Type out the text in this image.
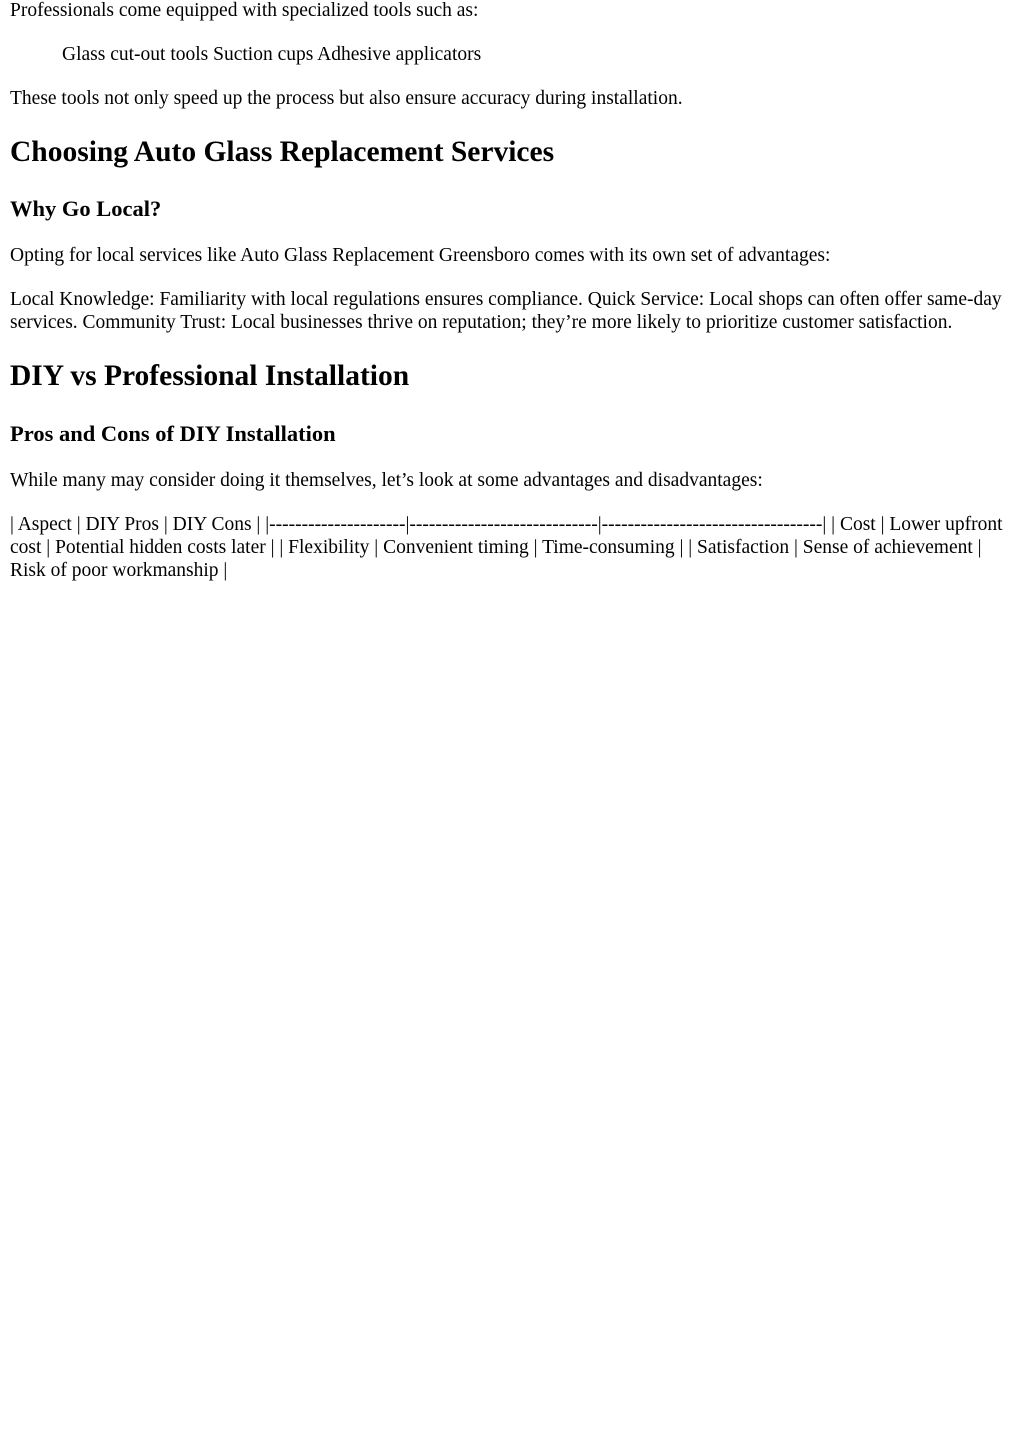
Professionals come equipped with specialized tools such as:

Glass cut-out tools Suction cups Adhesive applicators

These tools not only speed up the process but also ensure accuracy during installation.

Choosing Auto Glass Replacement Services
Why Go Local?

Opting for local services like Auto Glass Replacement Greensboro comes with its own set of advantages:

Local Knowledge: Familiarity with local regulations ensures compliance. Quick Service: Local shops can often offer same-day services. Community Trust: Local businesses thrive on reputation; they’re more likely to prioritize customer satisfaction.

DIY vs Professional Installation
Pros and Cons of DIY Installation

While many may consider doing it themselves, let’s look at some advantages and disadvantages:

| Aspect | DIY Pros | DIY Cons | |---------------------|-----------------------------|----------------------------------| | Cost | Lower upfront cost | Potential hidden costs later | | Flexibility | Convenient timing | Time-consuming | | Satisfaction | Sense of achievement | Risk of poor workmanship |
